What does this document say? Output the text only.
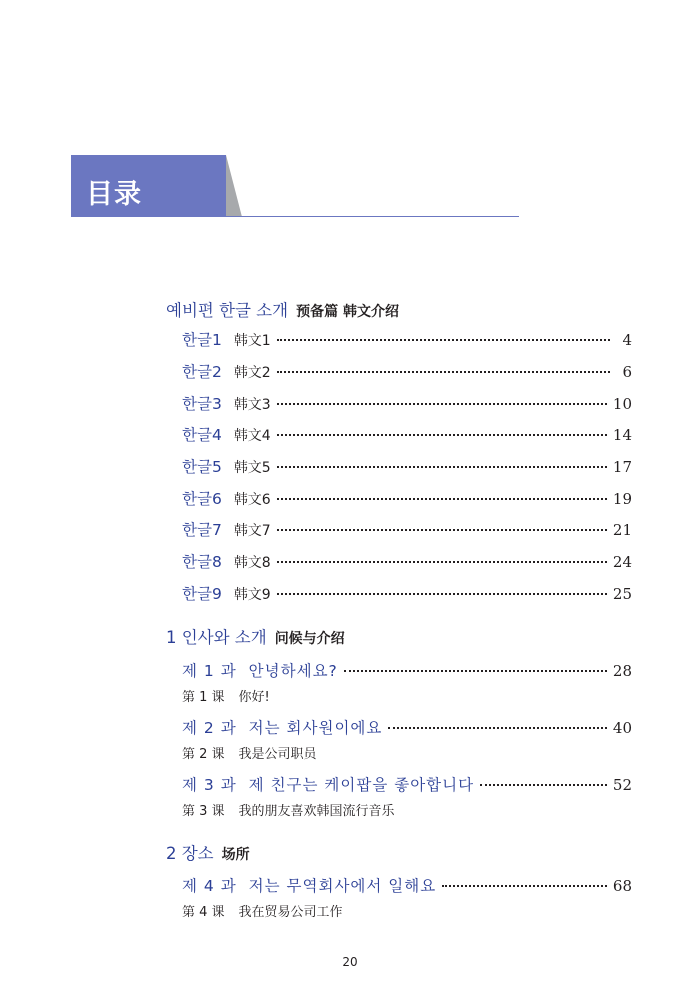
目录
예비편 한글 소개 预备篇 韩文介绍
한글1 韩文1	4
한글2 韩文2	6
한글3 韩文3	10
한글4 韩文4	14
한글5 韩文5	17
한글6 韩文6	19
한글7 韩文7	21
한글8 韩文8	24
한글9 韩文9	25
1 인사와 소개 问候与介绍
제 1 과 안녕하세요?	28
第 1 课 你好!
제 2 과 저는 회사원이에요	40
第 2 课 我是公司职员
제 3 과 제 친구는 케이팝을 좋아합니다	52
第 3 课 我的朋友喜欢韩国流行音乐
2 장소 场所
제 4 과 저는 무역회사에서 일해요	68
第 4 课 我在贸易公司工作
20
